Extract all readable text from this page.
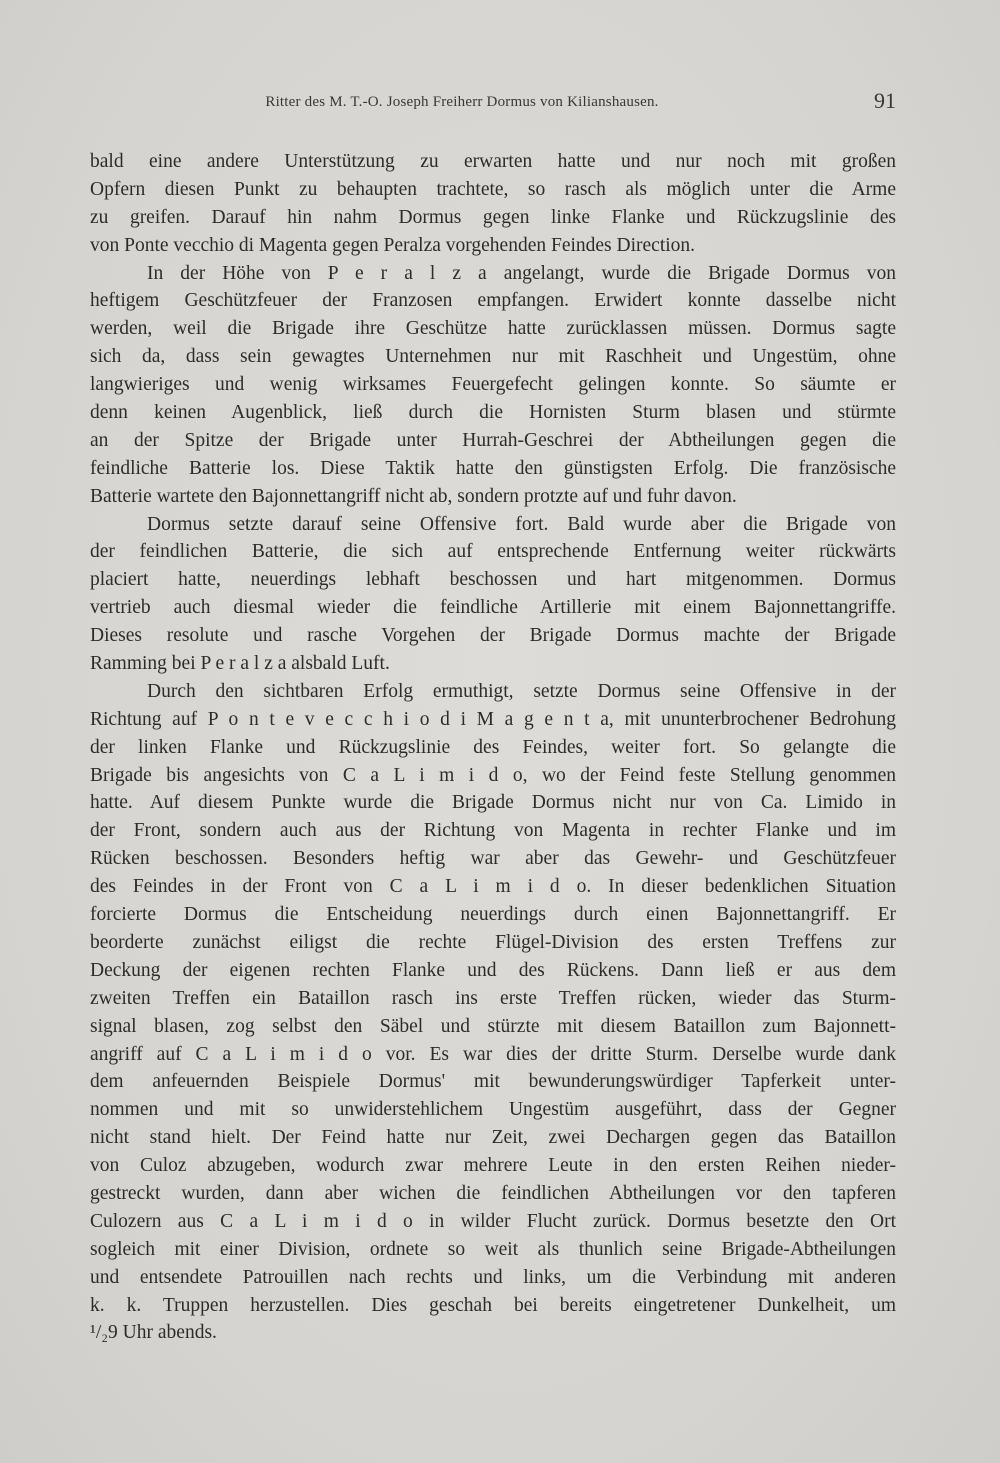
Ritter des M. T.-O. Joseph Freiherr Dormus von Kilianshausen.	91
bald eine andere Unterstützung zu erwarten hatte und nur noch mit großen
Opfern diesen Punkt zu behaupten trachtete, so rasch als möglich unter die Arme
zu greifen. Darauf hin nahm Dormus gegen linke Flanke und Rückzugslinie des
von Ponte vecchio di Magenta gegen Peralza vorgehenden Feindes Direction.
In der Höhe von P e r a l z a angelangt, wurde die Brigade Dormus von
heftigem Geschützfeuer der Franzosen empfangen. Erwidert konnte dasselbe nicht
werden, weil die Brigade ihre Geschütze hatte zurücklassen müssen. Dormus sagte
sich da, dass sein gewagtes Unternehmen nur mit Raschheit und Ungestüm, ohne
langwieriges und wenig wirksames Feuergefecht gelingen konnte. So säumte er
denn keinen Augenblick, ließ durch die Hornisten Sturm blasen und stürmte
an der Spitze der Brigade unter Hurrah-Geschrei der Abtheilungen gegen die
feindliche Batterie los. Diese Taktik hatte den günstigsten Erfolg. Die französische
Batterie wartete den Bajonnettangriff nicht ab, sondern protzte auf und fuhr davon.
Dormus setzte darauf seine Offensive fort. Bald wurde aber die Brigade von
der feindlichen Batterie, die sich auf entsprechende Entfernung weiter rückwärts
placiert hatte, neuerdings lebhaft beschossen und hart mitgenommen. Dormus
vertrieb auch diesmal wieder die feindliche Artillerie mit einem Bajonnettangriffe.
Dieses resolute und rasche Vorgehen der Brigade Dormus machte der Brigade
Ramming bei P e r a l z a alsbald Luft.
Durch den sichtbaren Erfolg ermuthigt, setzte Dormus seine Offensive in der
Richtung auf P o n t e v e c c h i o d i M a g e n t a, mit ununterbrochener Bedrohung
der linken Flanke und Rückzugslinie des Feindes, weiter fort. So gelangte die
Brigade bis angesichts von C a L i m i d o, wo der Feind feste Stellung genommen
hatte. Auf diesem Punkte wurde die Brigade Dormus nicht nur von Ca. Limido in
der Front, sondern auch aus der Richtung von Magenta in rechter Flanke und im
Rücken beschossen. Besonders heftig war aber das Gewehr- und Geschützfeuer
des Feindes in der Front von C a L i m i d o. In dieser bedenklichen Situation
forcierte Dormus die Entscheidung neuerdings durch einen Bajonnettangriff. Er
beorderte zunächst eiligst die rechte Flügel-Division des ersten Treffens zur
Deckung der eigenen rechten Flanke und des Rückens. Dann ließ er aus dem
zweiten Treffen ein Bataillon rasch ins erste Treffen rücken, wieder das Sturm-
signal blasen, zog selbst den Säbel und stürzte mit diesem Bataillon zum Bajonnett-
angriff auf C a L i m i d o vor. Es war dies der dritte Sturm. Derselbe wurde dank
dem anfeuernden Beispiele Dormus' mit bewunderungswürdiger Tapferkeit unter-
nommen und mit so unwiderstehlichem Ungestüm ausgeführt, dass der Gegner
nicht stand hielt. Der Feind hatte nur Zeit, zwei Dechargen gegen das Bataillon
von Culoz abzugeben, wodurch zwar mehrere Leute in den ersten Reihen nieder-
gestreckt wurden, dann aber wichen die feindlichen Abtheilungen vor den tapferen
Culozern aus C a L i m i d o in wilder Flucht zurück. Dormus besetzte den Ort
sogleich mit einer Division, ordnete so weit als thunlich seine Brigade-Abtheilungen
und entsendete Patrouillen nach rechts und links, um die Verbindung mit anderen
k. k. Truppen herzustellen. Dies geschah bei bereits eingetretener Dunkelheit, um
¹/₂9 Uhr abends.
